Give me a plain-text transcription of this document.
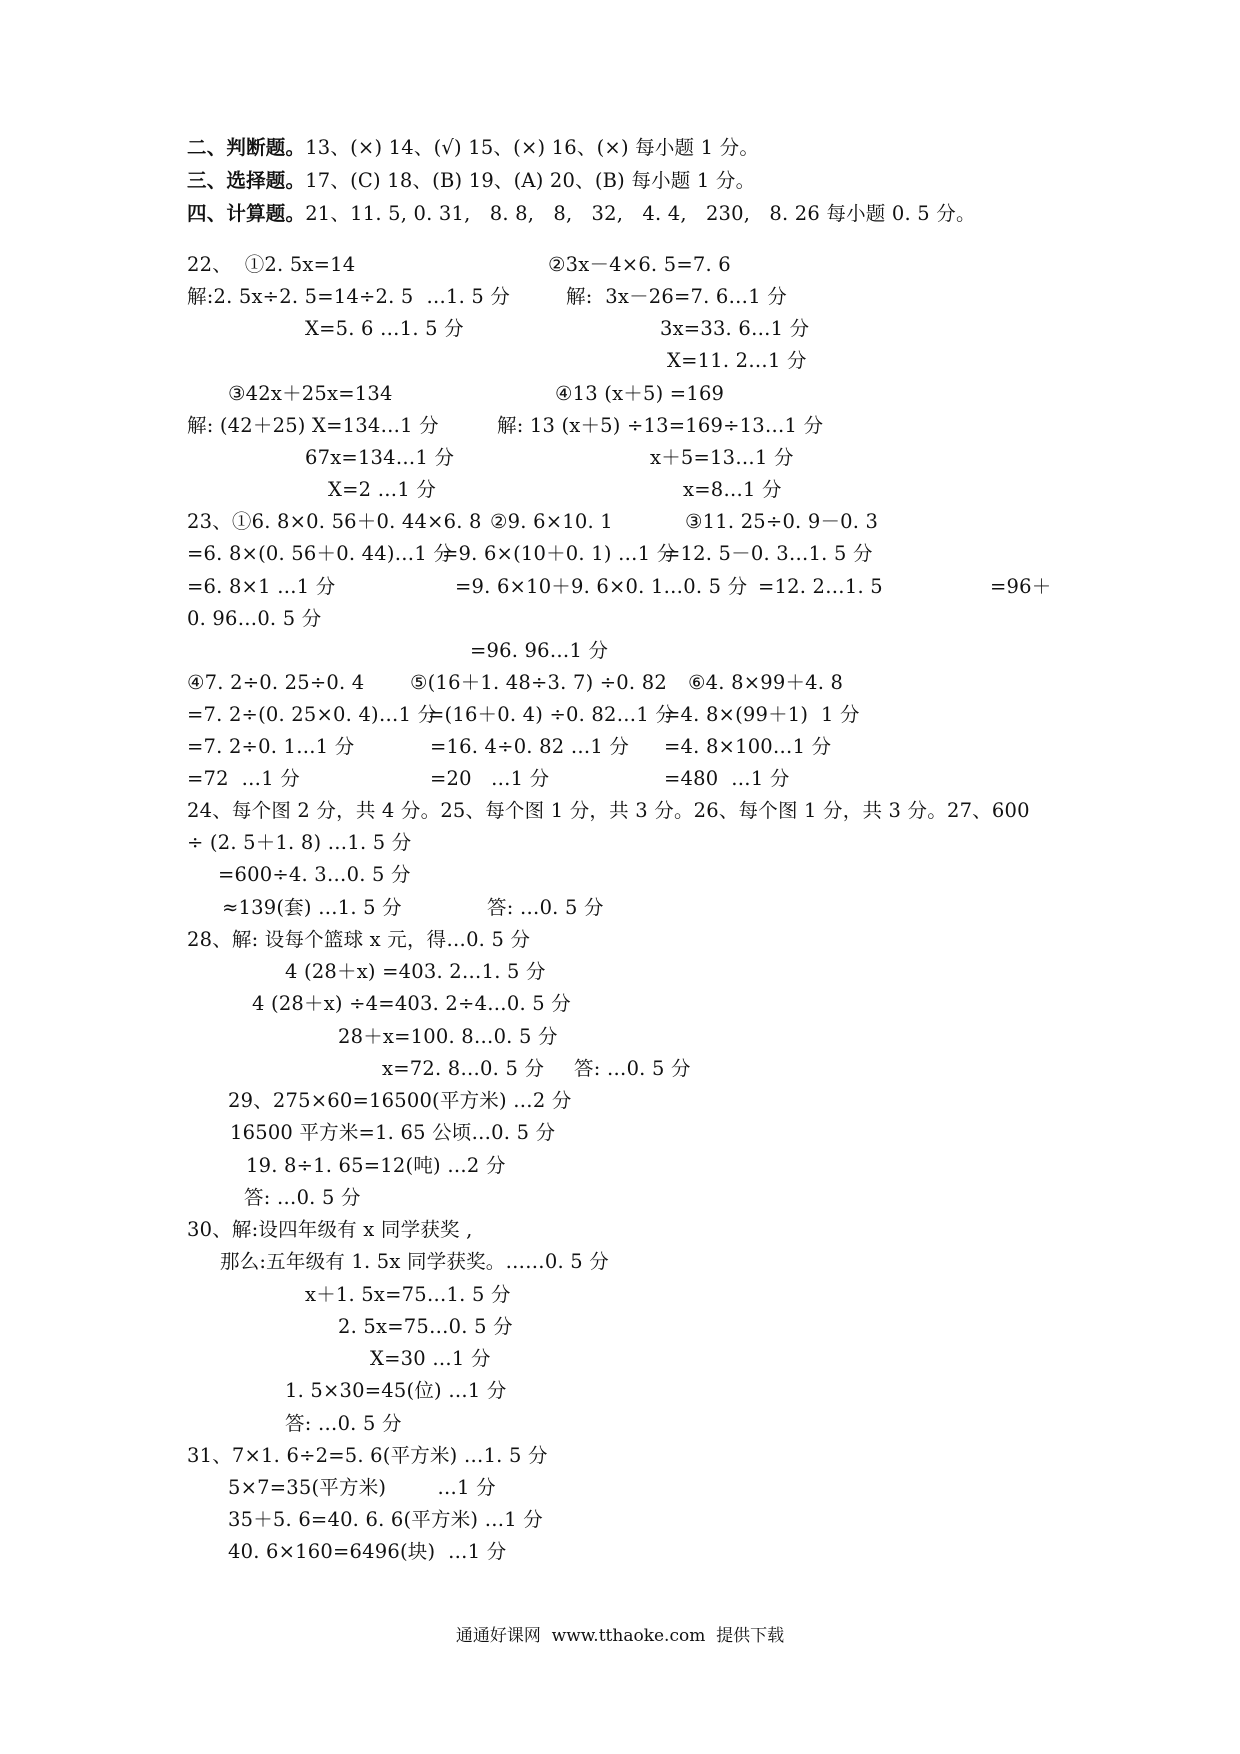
二、判断题。13、(×) 14、(√) 15、(×) 16、(×) 每小题 1 分。
三、选择题。17、(C) 18、(B) 19、(A) 20、(B) 每小题 1 分。
四、计算题。21、11. 5, 0. 31,   8. 8,   8,   32,   4. 4,   230,   8. 26 每小题 0. 5 分。
22、  ①2. 5x=14	②3x－4×6. 5=7. 6
解:2. 5x÷2. 5=14÷2. 5  …1. 5 分	解:  3x－26=7. 6…1 分
X=5. 6 …1. 5 分	3x=33. 6…1 分
X=11. 2…1 分
③42x＋25x=134	④13 (x＋5) =169
解: (42＋25) X=134…1 分	解: 13 (x＋5) ÷13=169÷13…1 分
67x=134…1 分	x＋5=13…1 分
X=2 …1 分	x=8…1 分
23、①6. 8×0. 56＋0. 44×6. 8 ②9. 6×10. 1	③11. 25÷0. 9－0. 3
=6. 8×(0. 56＋0. 44)…1 分
=9. 6×(10＋0. 1) …1 分
=12. 5－0. 3…1. 5 分
=6. 8×1 …1 分	=9. 6×10＋9. 6×0. 1…0. 5 分 =12. 2…1. 5	=96＋
0. 96…0. 5 分
=96. 96…1 分
④7. 2÷0. 25÷0. 4 ⑤(16＋1. 48÷3. 7) ÷0. 82 ⑥4. 8×99＋4. 8
=7. 2÷(0. 25×0. 4)…1 分
=(16＋0. 4) ÷0. 82…1 分
=4. 8×(99＋1)  1 分
=7. 2÷0. 1…1 分	=16. 4÷0. 82 …1 分 =4. 8×100…1 分
=72  …1 分	=20   …1 分	=480  …1 分
24、每个图 2 分，共 4 分。25、每个图 1 分，共 3 分。26、每个图 1 分，共 3 分。27、600
÷ (2. 5＋1. 8) …1. 5 分
=600÷4. 3…0. 5 分
≈139(套) …1. 5 分	答: …0. 5 分
28、解: 设每个篮球 x 元，得…0. 5 分
4 (28＋x) =403. 2…1. 5 分
4 (28＋x) ÷4=403. 2÷4…0. 5 分
28＋x=100. 8…0. 5 分
x=72. 8…0. 5 分 答: …0. 5 分
29、275×60=16500(平方米) …2 分
16500 平方米=1. 65 公顷…0. 5 分
19. 8÷1. 65=12(吨) …2 分
答: …0. 5 分
30、解:设四年级有 x 同学获奖 ,
那么:五年级有 1. 5x 同学获奖。……0. 5 分
x＋1. 5x=75…1. 5 分
2. 5x=75…0. 5 分
X=30 …1 分
1. 5×30=45(位) …1 分
答: …0. 5 分
31、7×1. 6÷2=5. 6(平方米) …1. 5 分
5×7=35(平方米)        …1 分
35＋5. 6=40. 6. 6(平方米) …1 分
40. 6×160=6496(块)  …1 分
通通好课网  www.tthaoke.com  提供下载
